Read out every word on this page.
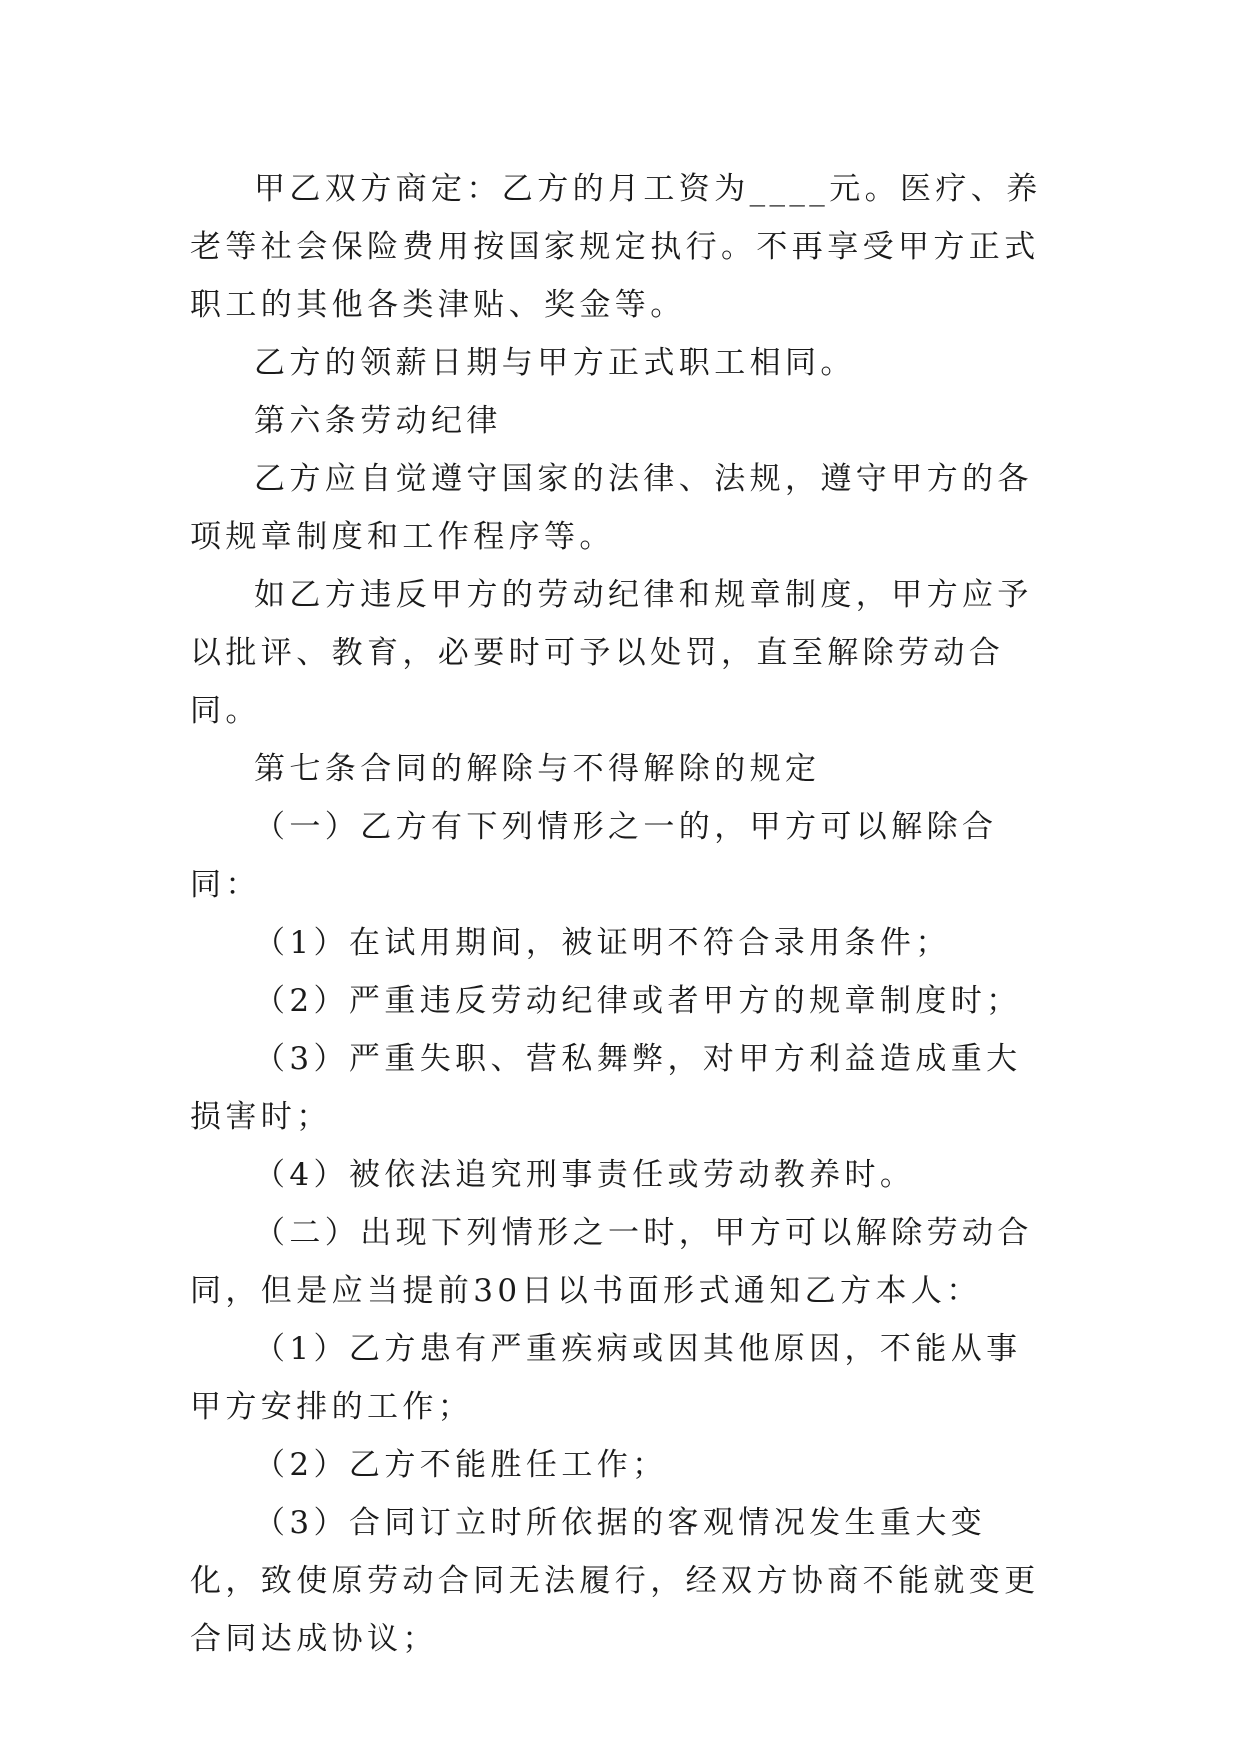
甲乙双方商定：乙方的月工资为____元。医疗、养老等社会保险费用按国家规定执行。不再享受甲方正式职工的其他各类津贴、奖金等。

乙方的领薪日期与甲方正式职工相同。

第六条劳动纪律

乙方应自觉遵守国家的法律、法规，遵守甲方的各项规章制度和工作程序等。

如乙方违反甲方的劳动纪律和规章制度，甲方应予以批评、教育，必要时可予以处罚，直至解除劳动合同。

第七条合同的解除与不得解除的规定

（一）乙方有下列情形之一的，甲方可以解除合同：

（1）在试用期间，被证明不符合录用条件；

（2）严重违反劳动纪律或者甲方的规章制度时；

（3）严重失职、营私舞弊，对甲方利益造成重大损害时；

（4）被依法追究刑事责任或劳动教养时。

（二）出现下列情形之一时，甲方可以解除劳动合同，但是应当提前30日以书面形式通知乙方本人：

（1）乙方患有严重疾病或因其他原因，不能从事甲方安排的工作；

（2）乙方不能胜任工作；

（3）合同订立时所依据的客观情况发生重大变化，致使原劳动合同无法履行，经双方协商不能就变更合同达成协议；
